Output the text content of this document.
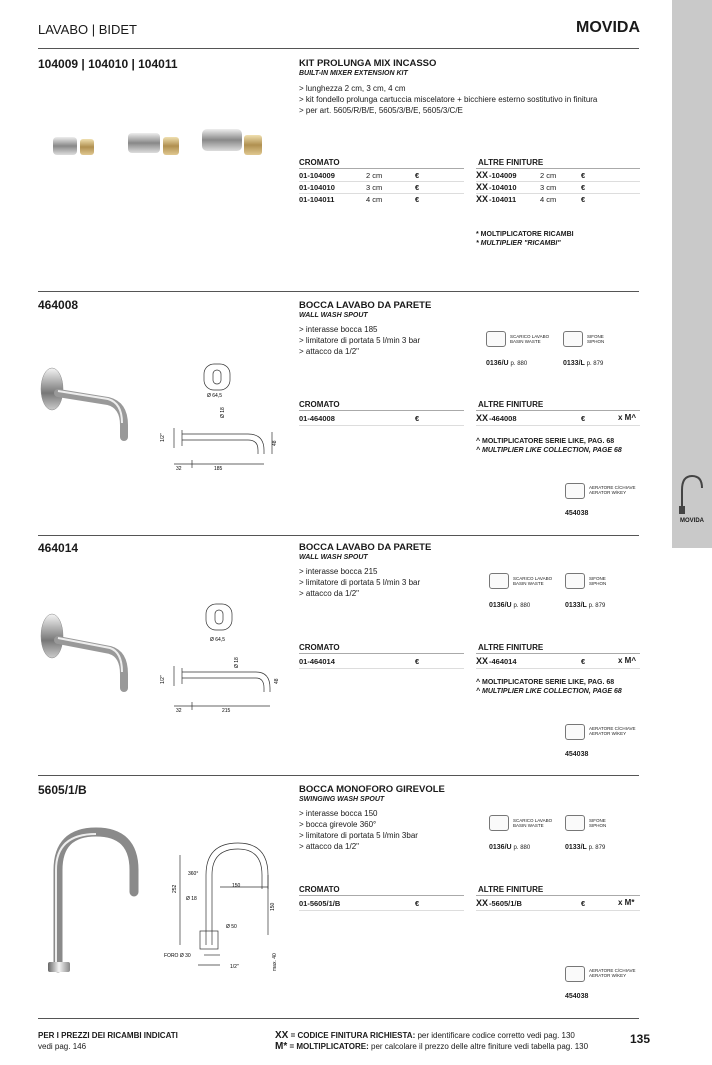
MOVIDA
LAVABO | BIDET	MOVIDA
104009 | 104010 | 104011	KIT PROLUNGA MIX INCASSO
BUILT-IN MIXER EXTENSION KIT
> lunghezza 2 cm, 3 cm, 4 cm
> kit fondello prolunga cartuccia miscelatore + bicchiere esterno sostitutivo in finitura
> per art. 5605/R/B/E, 5605/3/B/E, 5605/3/C/E
CROMATO	ALTRE FINITURE
01-104009	2 cm	€
01-104010	3 cm	€
01-104011	4 cm	€
XX -104009	2 cm	€
XX -104010	3 cm	€
XX -104011	4 cm	€
* MOLTIPLICATORE RICAMBI
* MULTIPLIER "RICAMBI"
464008	BOCCA LAVABO DA PARETE
WALL WASH SPOUT
> interasse bocca 185
> limitatore di portata 5 l/min 3 bar
> attacco da 1/2"
SCARICO LAVABO
BASIN WASTE
SIFONE
SIPHON
0136/U p. 880	0133/L p. 879
Ø 64,5
Ø 18
1/2"
48
32	185
CROMATO	ALTRE FINITURE
01-464008	€	XX -464008	€	x M^
^ MOLTIPLICATORE SERIE LIKE, PAG. 68
^ MULTIPLIER LIKE COLLECTION, PAGE 68
AERATORE C/CHIAVE
AERATOR W/KEY
454038
464014	BOCCA LAVABO DA PARETE
WALL WASH SPOUT
> interasse bocca 215
> limitatore di portata 5 l/min 3 bar
> attacco da 1/2"
SCARICO LAVABO
BASIN WASTE
SIFONE
SIPHON
0136/U p. 880	0133/L p. 879
Ø 64,5
Ø 18
1/2"	48
32	215
CROMATO	ALTRE FINITURE
01-464014	€	XX -464014	€	x M^
^ MOLTIPLICATORE SERIE LIKE, PAG. 68
^ MULTIPLIER LIKE COLLECTION, PAGE 68
AERATORE C/CHIAVE
AERATOR W/KEY
454038
5605/1/B	BOCCA MONOFORO GIREVOLE
SWINGING WASH SPOUT
> interasse bocca 150
> bocca girevole 360°
> limitatore di portata 5 l/min 3bar
> attacco da 1/2"
SCARICO LAVABO
BASIN WASTE
SIFONE
SIPHON
0136/U p. 880	0133/L p. 879
360°
Ø 18
150
252
Ø 50
150
FORO Ø 30
1/2"	max. 40
CROMATO	ALTRE FINITURE
01-5605/1/B	€	XX -5605/1/B	€	x M*
AERATORE C/CHIAVE
AERATOR W/KEY
454038
PER I PREZZI DEI RICAMBI INDICATI
vedi pag. 146
XX = CODICE FINITURA RICHIESTA: per identificare codice corretto vedi pag. 130
M* = MOLTIPLICATORE: per calcolare il prezzo delle altre finiture vedi tabella pag. 130
135
